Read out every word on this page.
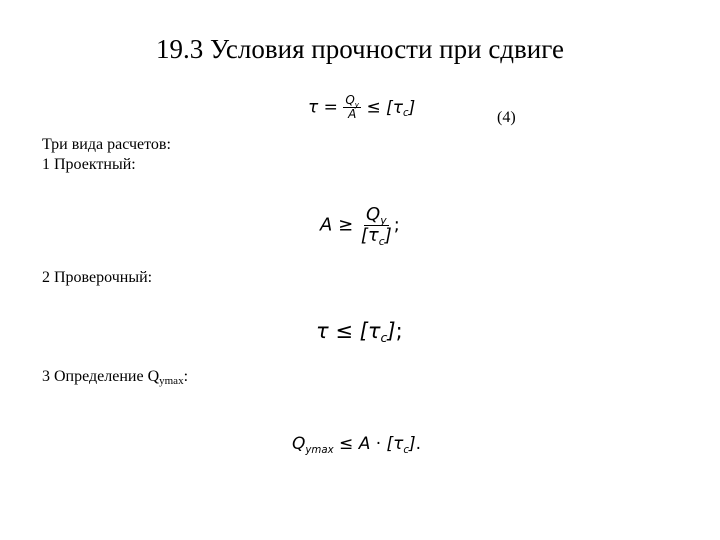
19.3 Условия прочности при сдвиге
$\tau = \frac{Q_y}{A} \le [\tau_c]$	(4)
Три вида расчетов:
1 Проектный:
$A \ge \frac{Q_y}{[\tau_c]}$ ;
2 Проверочный:
$\tau \le [\tau_c]$;
3 Определение Qymax:
$Q_{ymax} \le A \cdot [\tau_c]$.
